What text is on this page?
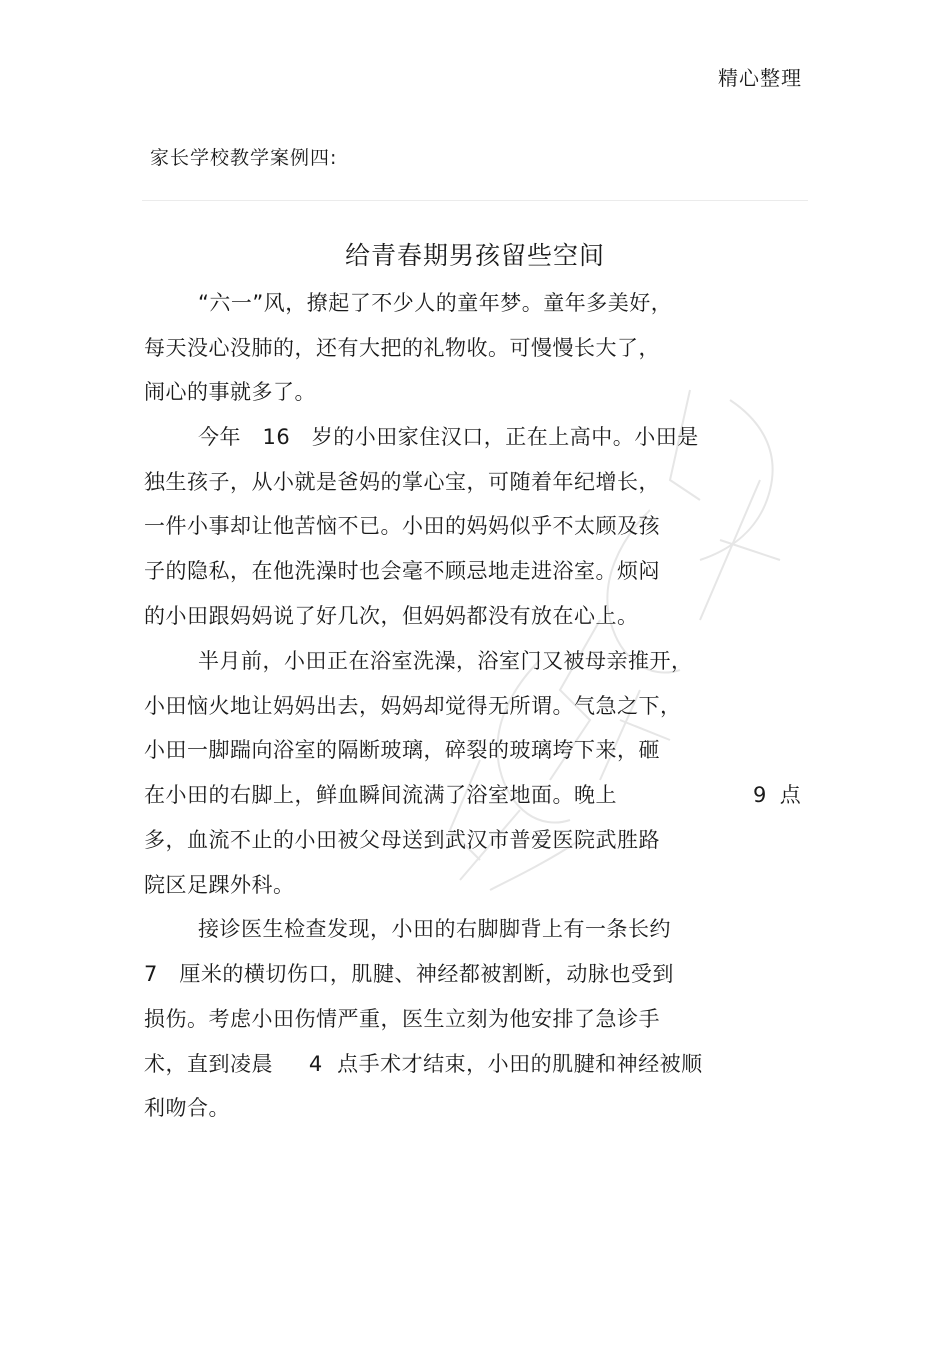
精心整理
家长学校教学案例四:
给青春期男孩留些空间
“六一”风，撩起了不少人的童年梦。童年多美好，
每天没心没肺的，还有大把的礼物收。可慢慢长大了，
闹心的事就多了。
今年   16   岁的小田家住汉口，正在上高中。小田是
独生孩子，从小就是爸妈的掌心宝，可随着年纪增长，
一件小事却让他苦恼不已。小田的妈妈似乎不太顾及孩
子的隐私，在他洗澡时也会毫不顾忌地走进浴室。烦闷
的小田跟妈妈说了好几次，但妈妈都没有放在心上。
半月前，小田正在浴室洗澡，浴室门又被母亲推开，
小田恼火地让妈妈出去，妈妈却觉得无所谓。气急之下，
小田一脚踹向浴室的隔断玻璃，碎裂的玻璃垮下来，砸
在小田的右脚上，鲜血瞬间流满了浴室地面。晚上	9  点
多，血流不止的小田被父母送到武汉市普爱医院武胜路
院区足踝外科。
接诊医生检查发现，小田的右脚脚背上有一条长约
7   厘米的横切伤口，肌腱、神经都被割断，动脉也受到
损伤。考虑小田伤情严重，医生立刻为他安排了急诊手
术，直到凌晨     4  点手术才结束，小田的肌腱和神经被顺
利吻合。
